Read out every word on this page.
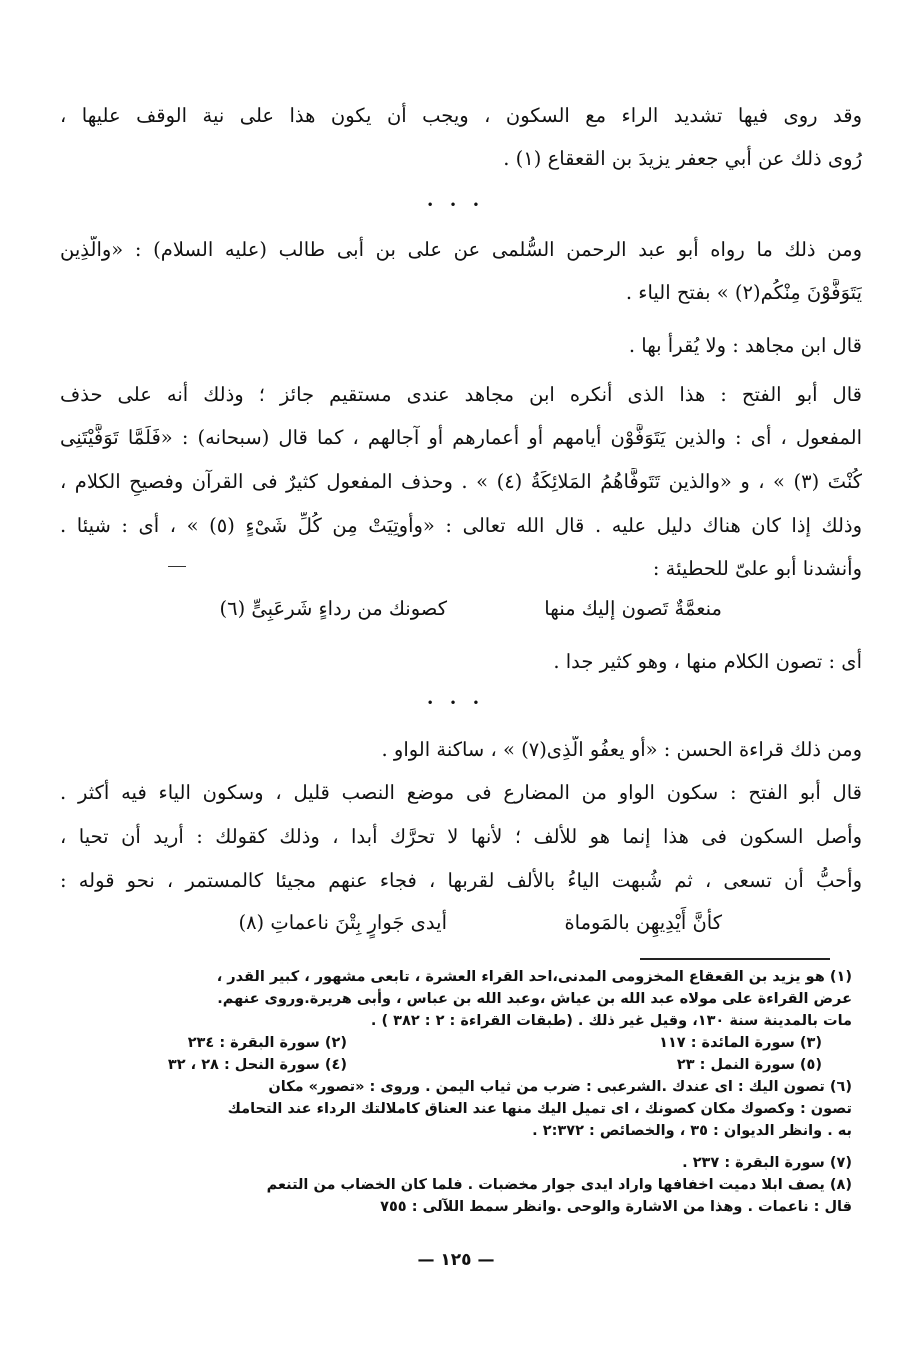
وقد روى فيها تشديد الراء مع السكون ، ويجب أن يكون هذا على نية الوقف عليها ،
رُوى ذلك عن أبي جعفر يزيدَ بن القعقاع (١) .
• • •
ومن ذلك ما رواه أبو عبد الرحمن السُّلمى عن على بن أبى طالب (عليه السلام) : «والَّذِين
يَتَوَفَّوْنَ مِنْكُم(٢) » بفتح الياء .
قال ابن مجاهد : ولا يُقرأُ بها .
قال أبو الفتح : هذا الذى أنكره ابن مجاهد عندى مستقيم جائز ؛ وذلك أنه على حذف
المفعول ، أى : والذين يَتَوَفَّوْن أيامهم أو أعمارهم أو آجالهم ، كما قال (سبحانه) : «فَلَمَّا تَوَفَّيْتَنِى
كُنْتَ (٣) » ، و «والذين تَتَوفَّاهُمُ المَلائِكَةُ (٤) » . وحذف المفعول كثيرٌ فى القرآن وفصيحِ الكلام ،
وذلك إذا كان هناك دليل عليه . قال الله تعالى : «وأُوتِيَتْ مِن كُلِّ شَىْءٍ (٥) » ، أى : شيئا .
وأنشدنا أبو علىّ للحطيئة :
منعمَّةٌ تَصون إليك منها
كصونك من رداءٍ شَرعَبِىٍّ (٦)
أى : تصون الكلام منها ، وهو كثير جدا .
• • •
ومن ذلك قراءة الحسن : «أو يعفُو الَّذِى(٧) » ، ساكنة الواو .
قال أبو الفتح : سكون الواو من المضارع فى موضع النصب قليل ، وسكون الياء فيه أكثر .
وأصل السكون فى هذا إنما هو للألف ؛ لأنها لا تحرَّك أبدا ، وذلك كقولك : أُريد أن تحيا ،
وأُحبُّ أن تسعى ، ثم شُبهت الياءُ بالألف لقربها ، فجاء عنهم مجيئا كالمستمر ، نحو قوله :
كأنَّ أَيْدِيهِن بالمَوماة
أيدى جَوارٍ بِتْنَ ناعماتِ (٨)
(١) هو يزيد بن القعقاع المخزومى المدنى،احد القراء العشرة ، تابعى مشهور ، كبير القدر ،
عرض القراءة على مولاه عبد الله بن عياش ،وعبد الله بن عباس ، وأبى هريرة.وروى عنهم.
مات بالمدينة سنة ١٣٠، وقيل غير ذلك . (طبقات القراءة : ٢ : ٣٨٢ ) .
(٢) سورة البقرة : ٢٣٤	(٣) سورة المائدة : ١١٧
(٤) سورة النحل : ٢٨ ، ٣٢	(٥) سورة النمل : ٢٣
(٦) تصون اليك : اى عندك .الشرعبى : ضرب من ثياب اليمن . وروى : «تصور» مكان
تصون : وكصوك مكان كصونك ، اى تميل اليك منها عند العناق كاملالتك الرداء عند التحامك
به . وانظر الديوان : ٣٥ ، والخصائص : ٢:٣٧٢ .
(٧) سورة البقرة : ٢٣٧ .
(٨) يصف ابلا دميت اخفافها واراد ايدى جوار مخضبات . فلما كان الخضاب من التنعم
قال : ناعمات . وهذا من الاشارة والوحى .وانظر سمط اللآلى : ٧٥٥
— ١٢٥ —
